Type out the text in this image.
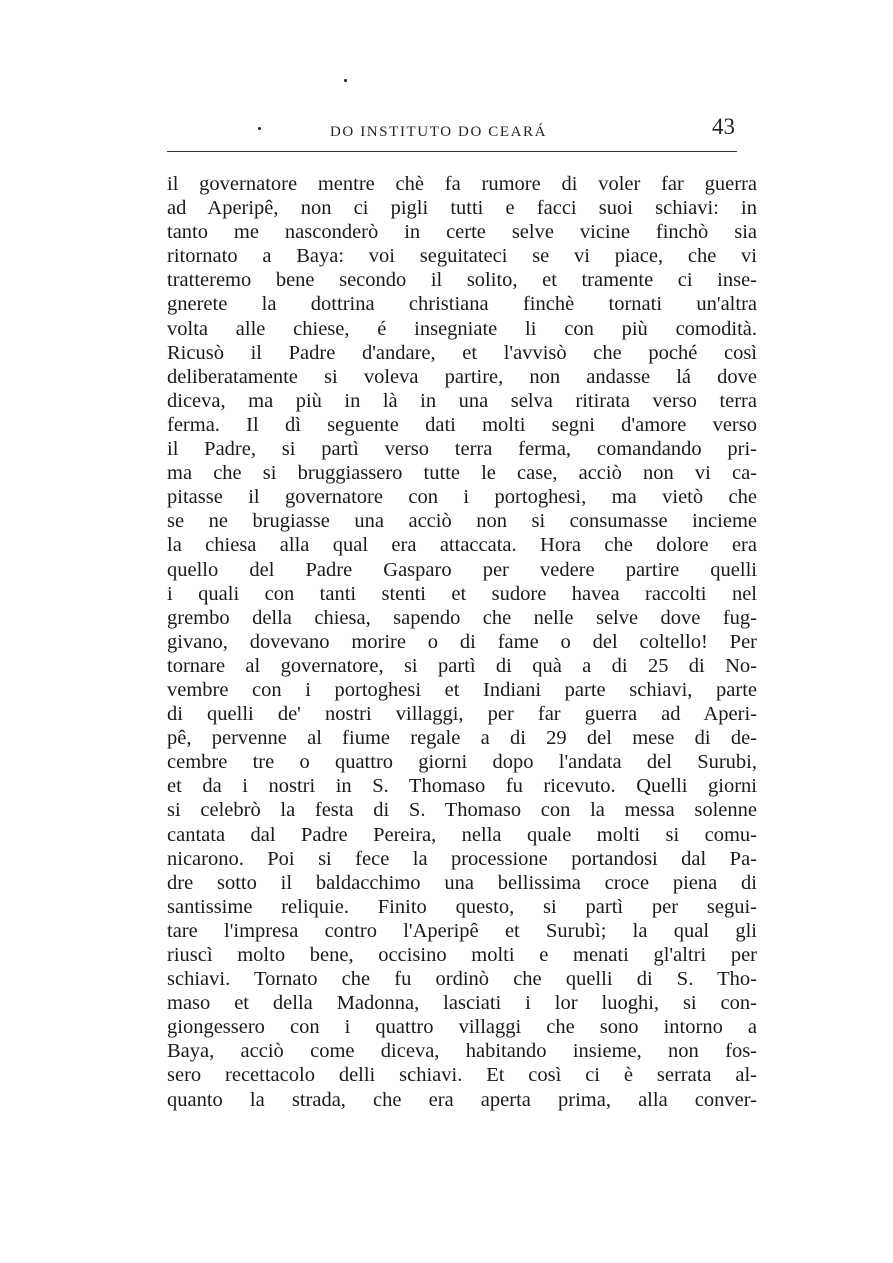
DO INSTITUTO DO CEARÁ	43
il governatore mentre chè fa rumore di voler far guerra
ad Aperipê, non ci pigli tutti e facci suoi schiavi: in
tanto me nasconderò in certe selve vicine finchò sia
ritornato a Baya: voi seguitateci se vi piace, che vi
tratteremo bene secondo il solito, et tramente ci inse-
gnerete la dottrina christiana finchè tornati un'altra
volta alle chiese, é insegniate li con più comodità.
Ricusò il Padre d'andare, et l'avvisò che poché così
deliberatamente si voleva partire, non andasse lá dove
diceva, ma più in là in una selva ritirata verso terra
ferma. Il dì seguente dati molti segni d'amore verso
il Padre, si partì verso terra ferma, comandando pri-
ma che si bruggiassero tutte le case, acciò non vi ca-
pitasse il governatore con i portoghesi, ma vietò che
se ne brugiasse una acciò non si consumasse incieme
la chiesa alla qual era attaccata. Hora che dolore era
quello del Padre Gasparo per vedere partire quelli
i quali con tanti stenti et sudore havea raccolti nel
grembo della chiesa, sapendo che nelle selve dove fug-
givano, dovevano morire o di fame o del coltello! Per
tornare al governatore, si partì di quà a di 25 di No-
vembre con i portoghesi et Indiani parte schiavi, parte
di quelli de' nostri villaggi, per far guerra ad Aperi-
pê, pervenne al fiume regale a di 29 del mese di de-
cembre tre o quattro giorni dopo l'andata del Surubi,
et da i nostri in S. Thomaso fu ricevuto. Quelli giorni
si celebrò la festa di S. Thomaso con la messa solenne
cantata dal Padre Pereira, nella quale molti si comu-
nicarono. Poi si fece la processione portandosi dal Pa-
dre sotto il baldacchimo una bellissima croce piena di
santissime reliquie. Finito questo, si partì per segui-
tare l'impresa contro l'Aperipê et Surubì; la qual gli
riuscì molto bene, occisino molti e menati gl'altri per
schiavi. Tornato che fu ordinò che quelli di S. Tho-
maso et della Madonna, lasciati i lor luoghi, si con-
giongessero con i quattro villaggi che sono intorno a
Baya, acciò come diceva, habitando insieme, non fos-
sero recettacolo delli schiavi. Et così ci è serrata al-
quanto la strada, che era aperta prima, alla conver-
